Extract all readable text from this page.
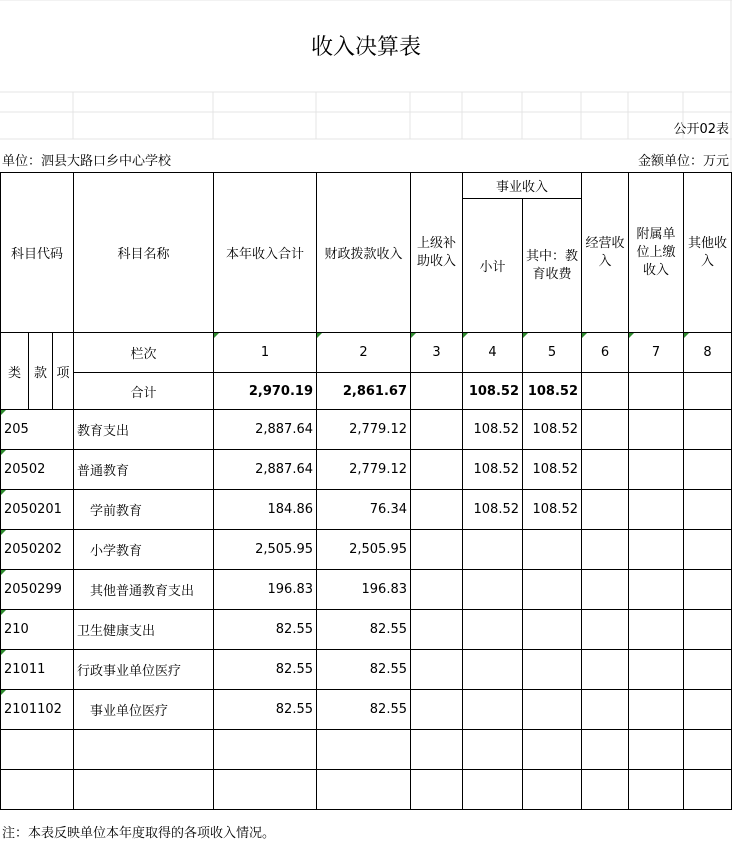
收入决算表
公开02表
单位：泗县大路口乡中心学校	金额单位：万元
科目代码			科目名称	本年收入合计	财政拨款收入	上级补助收入	事业收入		经营收入	附属单位上缴收入	其他收入
							小计	其中：教育收费			
类	款	项	栏次	1	2	3	4	5	6	7	8
			合计	2,970.19	2,861.67		108.52	108.52			
205			教育支出	2,887.64	2,779.12		108.52	108.52			
20502			普通教育	2,887.64	2,779.12		108.52	108.52			
2050201			学前教育	184.86	76.34		108.52	108.52			
2050202			小学教育	2,505.95	2,505.95						
2050299			其他普通教育支出	196.83	196.83						
210			卫生健康支出	82.55	82.55						
21011			行政事业单位医疗	82.55	82.55						
2101102			事业单位医疗	82.55	82.55						

注：本表反映单位本年度取得的各项收入情况。
